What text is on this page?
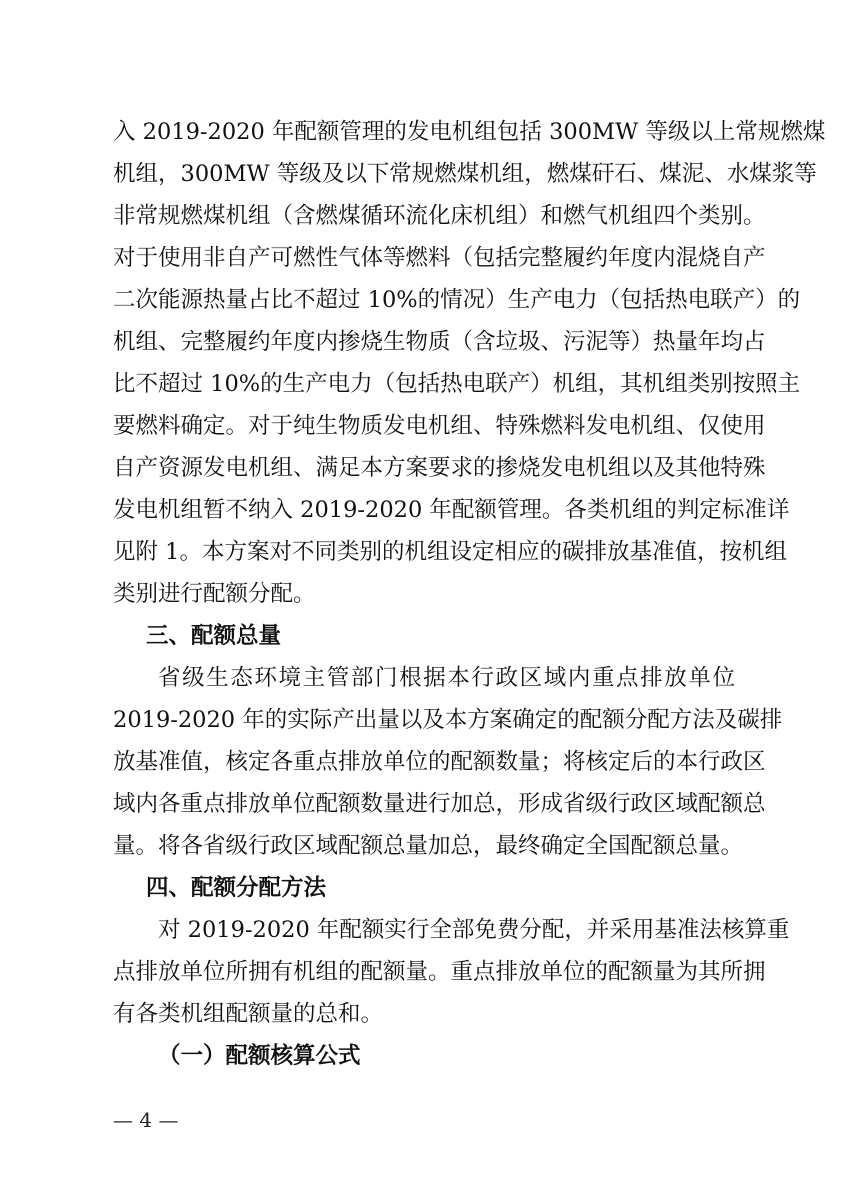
入 2019-2020 年配额管理的发电机组包括 300MW 等级以上常规燃煤
机组，300MW 等级及以下常规燃煤机组，燃煤矸石、煤泥、水煤浆等
非常规燃煤机组（含燃煤循环流化床机组）和燃气机组四个类别。
对于使用非自产可燃性气体等燃料（包括完整履约年度内混烧自产
二次能源热量占比不超过 10%的情况）生产电力（包括热电联产）的
机组、完整履约年度内掺烧生物质（含垃圾、污泥等）热量年均占
比不超过 10%的生产电力（包括热电联产）机组，其机组类别按照主
要燃料确定。对于纯生物质发电机组、特殊燃料发电机组、仅使用
自产资源发电机组、满足本方案要求的掺烧发电机组以及其他特殊
发电机组暂不纳入 2019-2020 年配额管理。各类机组的判定标准详
见附 1。本方案对不同类别的机组设定相应的碳排放基准值，按机组
类别进行配额分配。
三、配额总量
省级生态环境主管部门根据本行政区域内重点排放单位
2019-2020 年的实际产出量以及本方案确定的配额分配方法及碳排
放基准值，核定各重点排放单位的配额数量；将核定后的本行政区
域内各重点排放单位配额数量进行加总，形成省级行政区域配额总
量。将各省级行政区域配额总量加总，最终确定全国配额总量。
四、配额分配方法
对 2019-2020 年配额实行全部免费分配，并采用基准法核算重
点排放单位所拥有机组的配额量。重点排放单位的配额量为其所拥
有各类机组配额量的总和。
（一）配额核算公式
— 4 —
